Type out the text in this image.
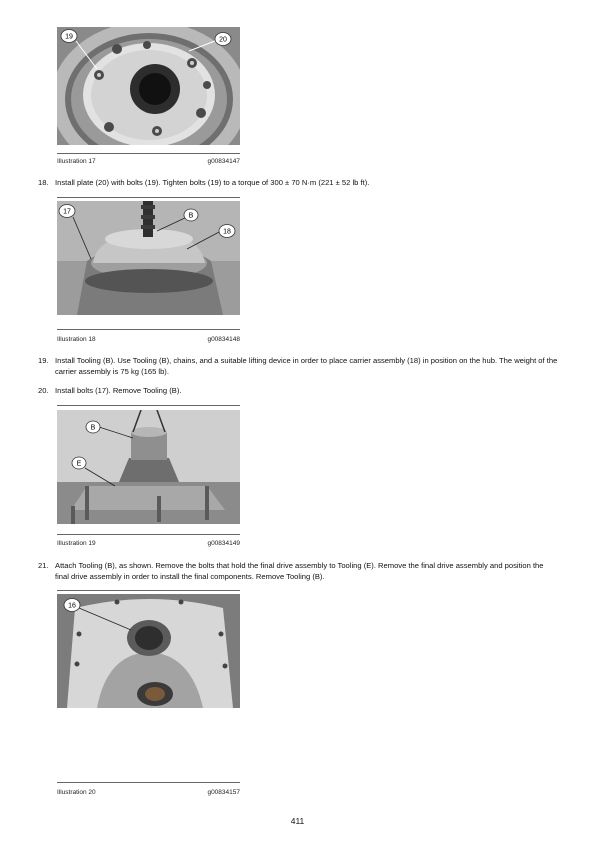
19	20
Illustration 17	g00834147
18. Install plate (20) with bolts (19). Tighten bolts (19) to a torque of 300 ± 70 N·m (221 ± 52 lb ft).
17
B
18
Illustration 18	g00834148
19. Install Tooling (B). Use Tooling (B), chains, and a suitable lifting device in order to place carrier assembly (18) in position on the hub. The weight of the carrier assembly is 75 kg (165 lb).
20. Install bolts (17). Remove Tooling (B).
B
E
Illustration 19	g00834149
21. Attach Tooling (B), as shown. Remove the bolts that hold the final drive assembly to Tooling (E). Remove the final drive assembly and position the final drive assembly in order to install the final components. Remove Tooling (B).
16
Illustration 20	g00834157
411
